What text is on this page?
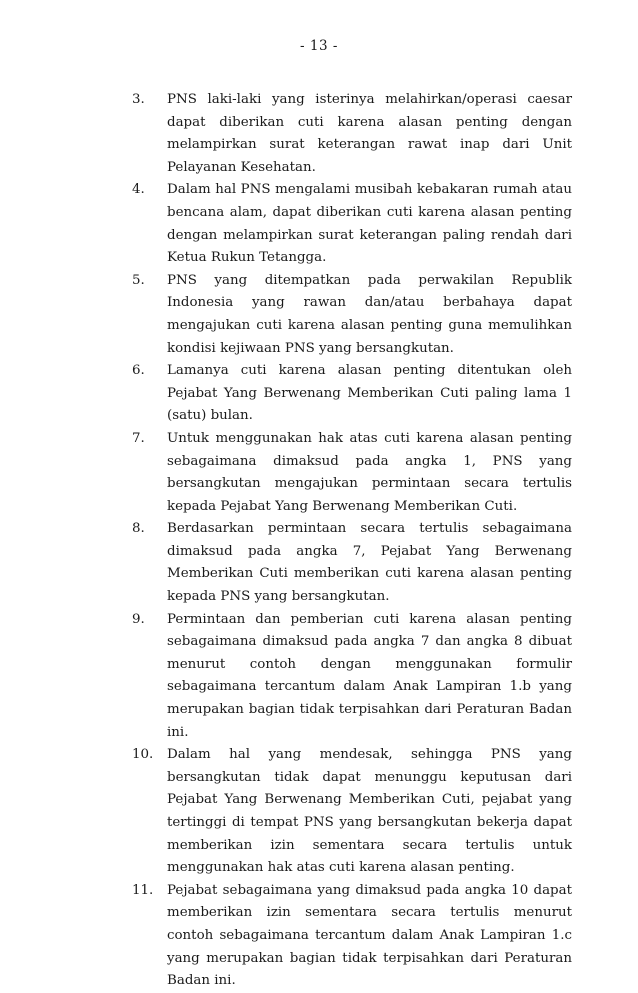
- 13 -
3.	PNS laki-laki yang isterinya melahirkan/operasi caesar dapat diberikan cuti karena alasan penting dengan melampirkan surat keterangan rawat inap dari Unit Pelayanan Kesehatan.
4.	Dalam hal PNS mengalami musibah kebakaran rumah atau bencana alam, dapat diberikan cuti karena alasan penting dengan melampirkan surat keterangan paling rendah dari Ketua Rukun Tetangga.
5.	PNS yang ditempatkan pada perwakilan Republik Indonesia yang rawan dan/atau berbahaya dapat mengajukan cuti karena alasan penting guna memulihkan kondisi kejiwaan PNS yang bersangkutan.
6.	Lamanya cuti karena alasan penting ditentukan oleh Pejabat Yang Berwenang Memberikan Cuti paling lama 1 (satu) bulan.
7.	Untuk menggunakan hak atas cuti karena alasan penting sebagaimana dimaksud pada angka 1, PNS yang bersangkutan mengajukan permintaan secara tertulis kepada Pejabat Yang Berwenang Memberikan Cuti.
8.	Berdasarkan permintaan secara tertulis sebagaimana dimaksud pada angka 7, Pejabat Yang Berwenang Memberikan Cuti memberikan cuti karena alasan penting kepada PNS yang bersangkutan.
9.	Permintaan dan pemberian cuti karena alasan penting sebagaimana dimaksud pada angka 7 dan angka 8 dibuat menurut contoh dengan menggunakan formulir sebagaimana tercantum dalam Anak Lampiran 1.b yang merupakan bagian tidak terpisahkan dari Peraturan Badan ini.
10.	Dalam hal yang mendesak, sehingga PNS yang bersangkutan tidak dapat menunggu keputusan dari Pejabat Yang Berwenang Memberikan Cuti, pejabat yang tertinggi di tempat PNS yang bersangkutan bekerja dapat memberikan izin sementara secara tertulis untuk menggunakan hak atas cuti karena alasan penting.
11.	Pejabat sebagaimana yang dimaksud pada angka 10 dapat memberikan izin sementara secara tertulis menurut contoh sebagaimana tercantum dalam Anak Lampiran 1.c yang merupakan bagian tidak terpisahkan dari Peraturan Badan ini.
